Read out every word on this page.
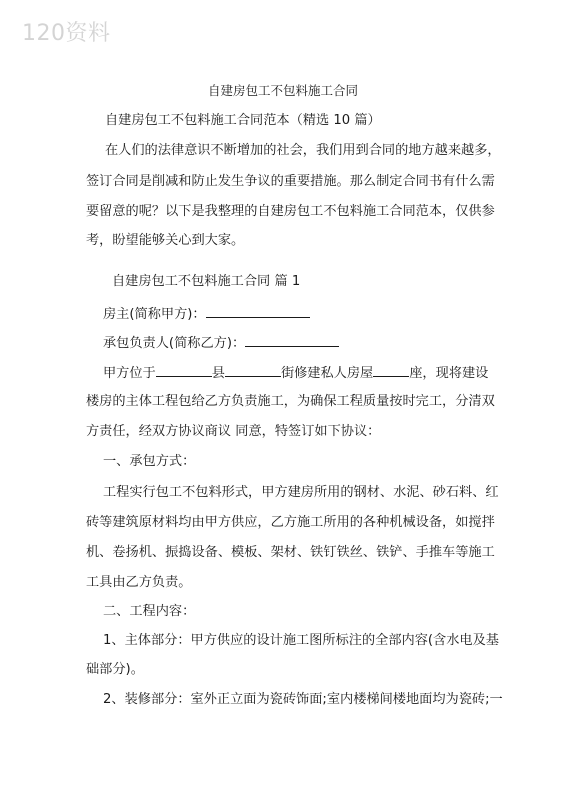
120资料
自建房包工不包料施工合同
自建房包工不包料施工合同范本（精选 10 篇）
在人们的法律意识不断增加的社会，我们用到合同的地方越来越多，
签订合同是削减和防止发生争议的重要措施。那么制定合同书有什么需
要留意的呢？以下是我整理的自建房包工不包料施工合同范本，仅供参
考，盼望能够关心到大家。
自建房包工不包料施工合同 篇 1
房主(简称甲方)：
承包负责人(简称乙方)：
甲方位于	县	街修建私人房屋	座，现将建设
楼房的主体工程包给乙方负责施工，为确保工程质量按时完工，分清双
方责任，经双方协议商议 同意，特签订如下协议：
一、承包方式：
工程实行包工不包料形式，甲方建房所用的钢材、水泥、砂石料、红
砖等建筑原材料均由甲方供应，乙方施工所用的各种机械设备，如搅拌
机、卷扬机、振捣设备、模板、架材、铁钉铁丝、铁铲、手推车等施工
工具由乙方负责。
二、工程内容：
1、主体部分：甲方供应的设计施工图所标注的全部内容(含水电及基
础部分)。
2、装修部分：室外正立面为瓷砖饰面;室内楼梯间楼地面均为瓷砖;一
